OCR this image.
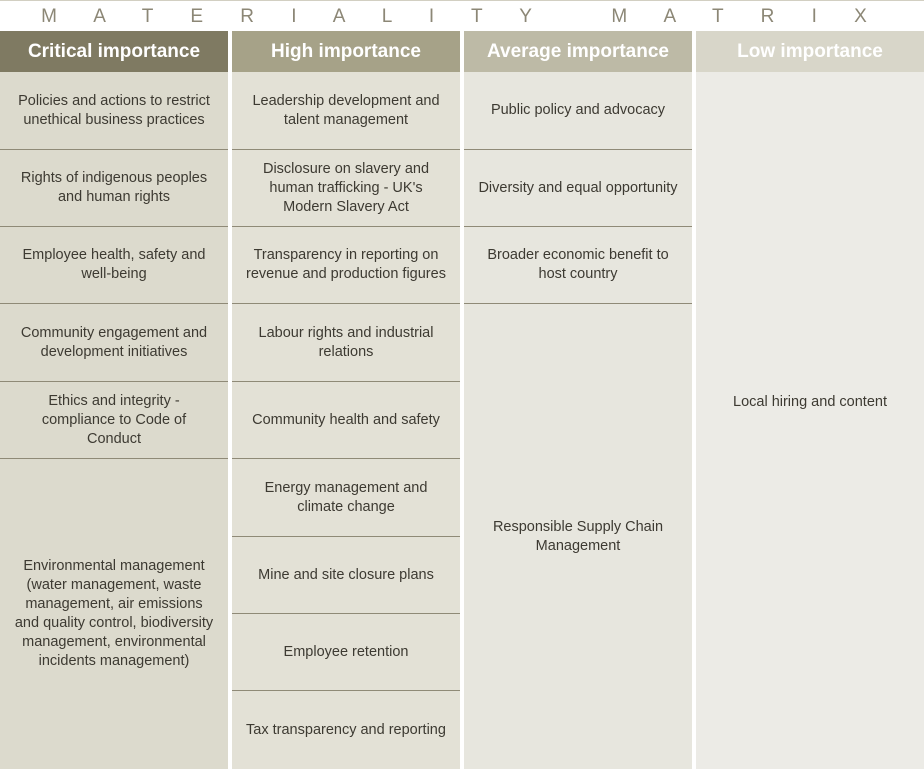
M A T E R I A L I T Y   M A T R I X
Critical importance
Policies and actions to restrict unethical business practices
Rights of indigenous peoples and human rights
Employee health, safety and well-being
Community engagement and development initiatives
Ethics and integrity - compliance to Code of Conduct
Environmental management (water management, waste management, air emissions and quality control, biodiversity management, environmental incidents management)
High importance
Leadership development and talent management
Disclosure on slavery and human trafficking - UK's Modern Slavery Act
Transparency in reporting on revenue and production figures
Labour rights and industrial relations
Community health and safety
Energy management and climate change
Mine and site closure plans
Employee retention
Tax transparency and reporting
Average importance
Public policy and advocacy
Diversity and equal opportunity
Broader economic benefit to host country
Responsible Supply Chain Management
Low importance
Local hiring and content
